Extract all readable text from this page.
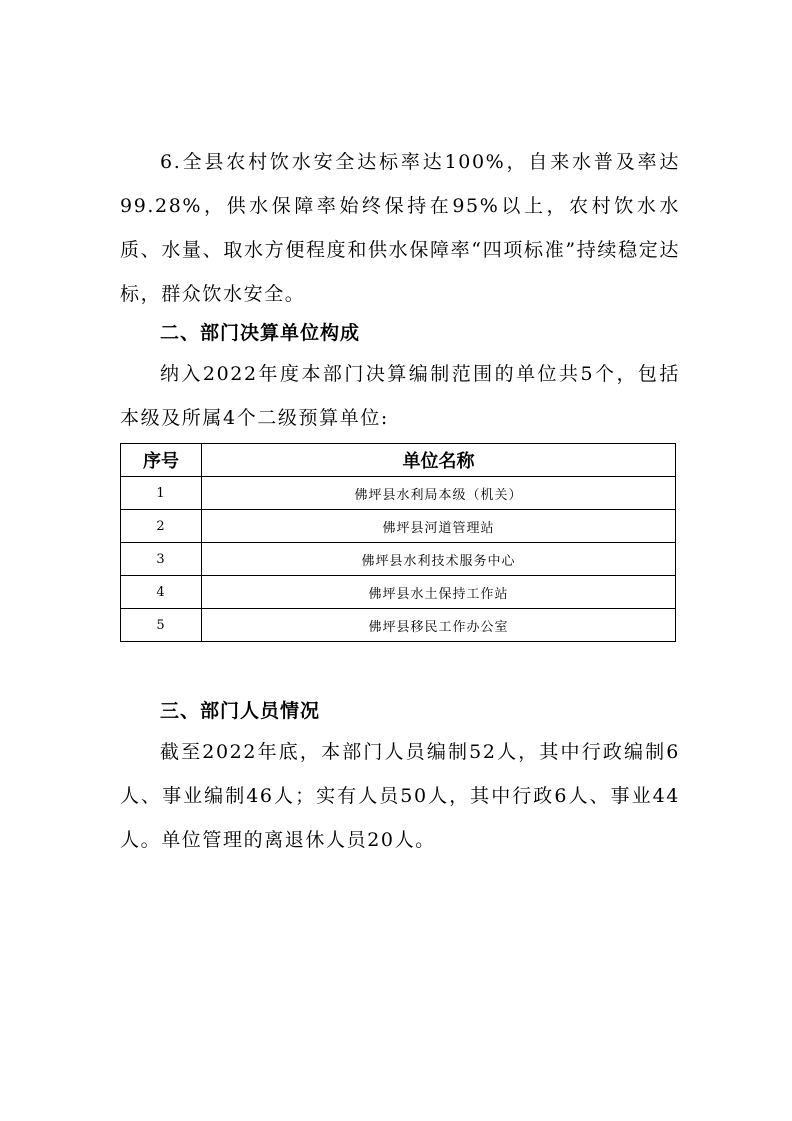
6.全县农村饮水安全达标率达100%，自来水普及率达99.28%，供水保障率始终保持在95%以上，农村饮水水质、水量、取水方便程度和供水保障率“四项标准”持续稳定达标，群众饮水安全。

二、部门决算单位构成

纳入2022年度本部门决算编制范围的单位共5个，包括本级及所属4个二级预算单位:

序号	单位名称
1	佛坪县水利局本级（机关）
2	佛坪县河道管理站
3	佛坪县水利技术服务中心
4	佛坪县水土保持工作站
5	佛坪县移民工作办公室
三、部门人员情况

截至2022年底，本部门人员编制52人，其中行政编制6人、事业编制46人；实有人员50人，其中行政6人、事业44人。单位管理的离退休人员20人。
